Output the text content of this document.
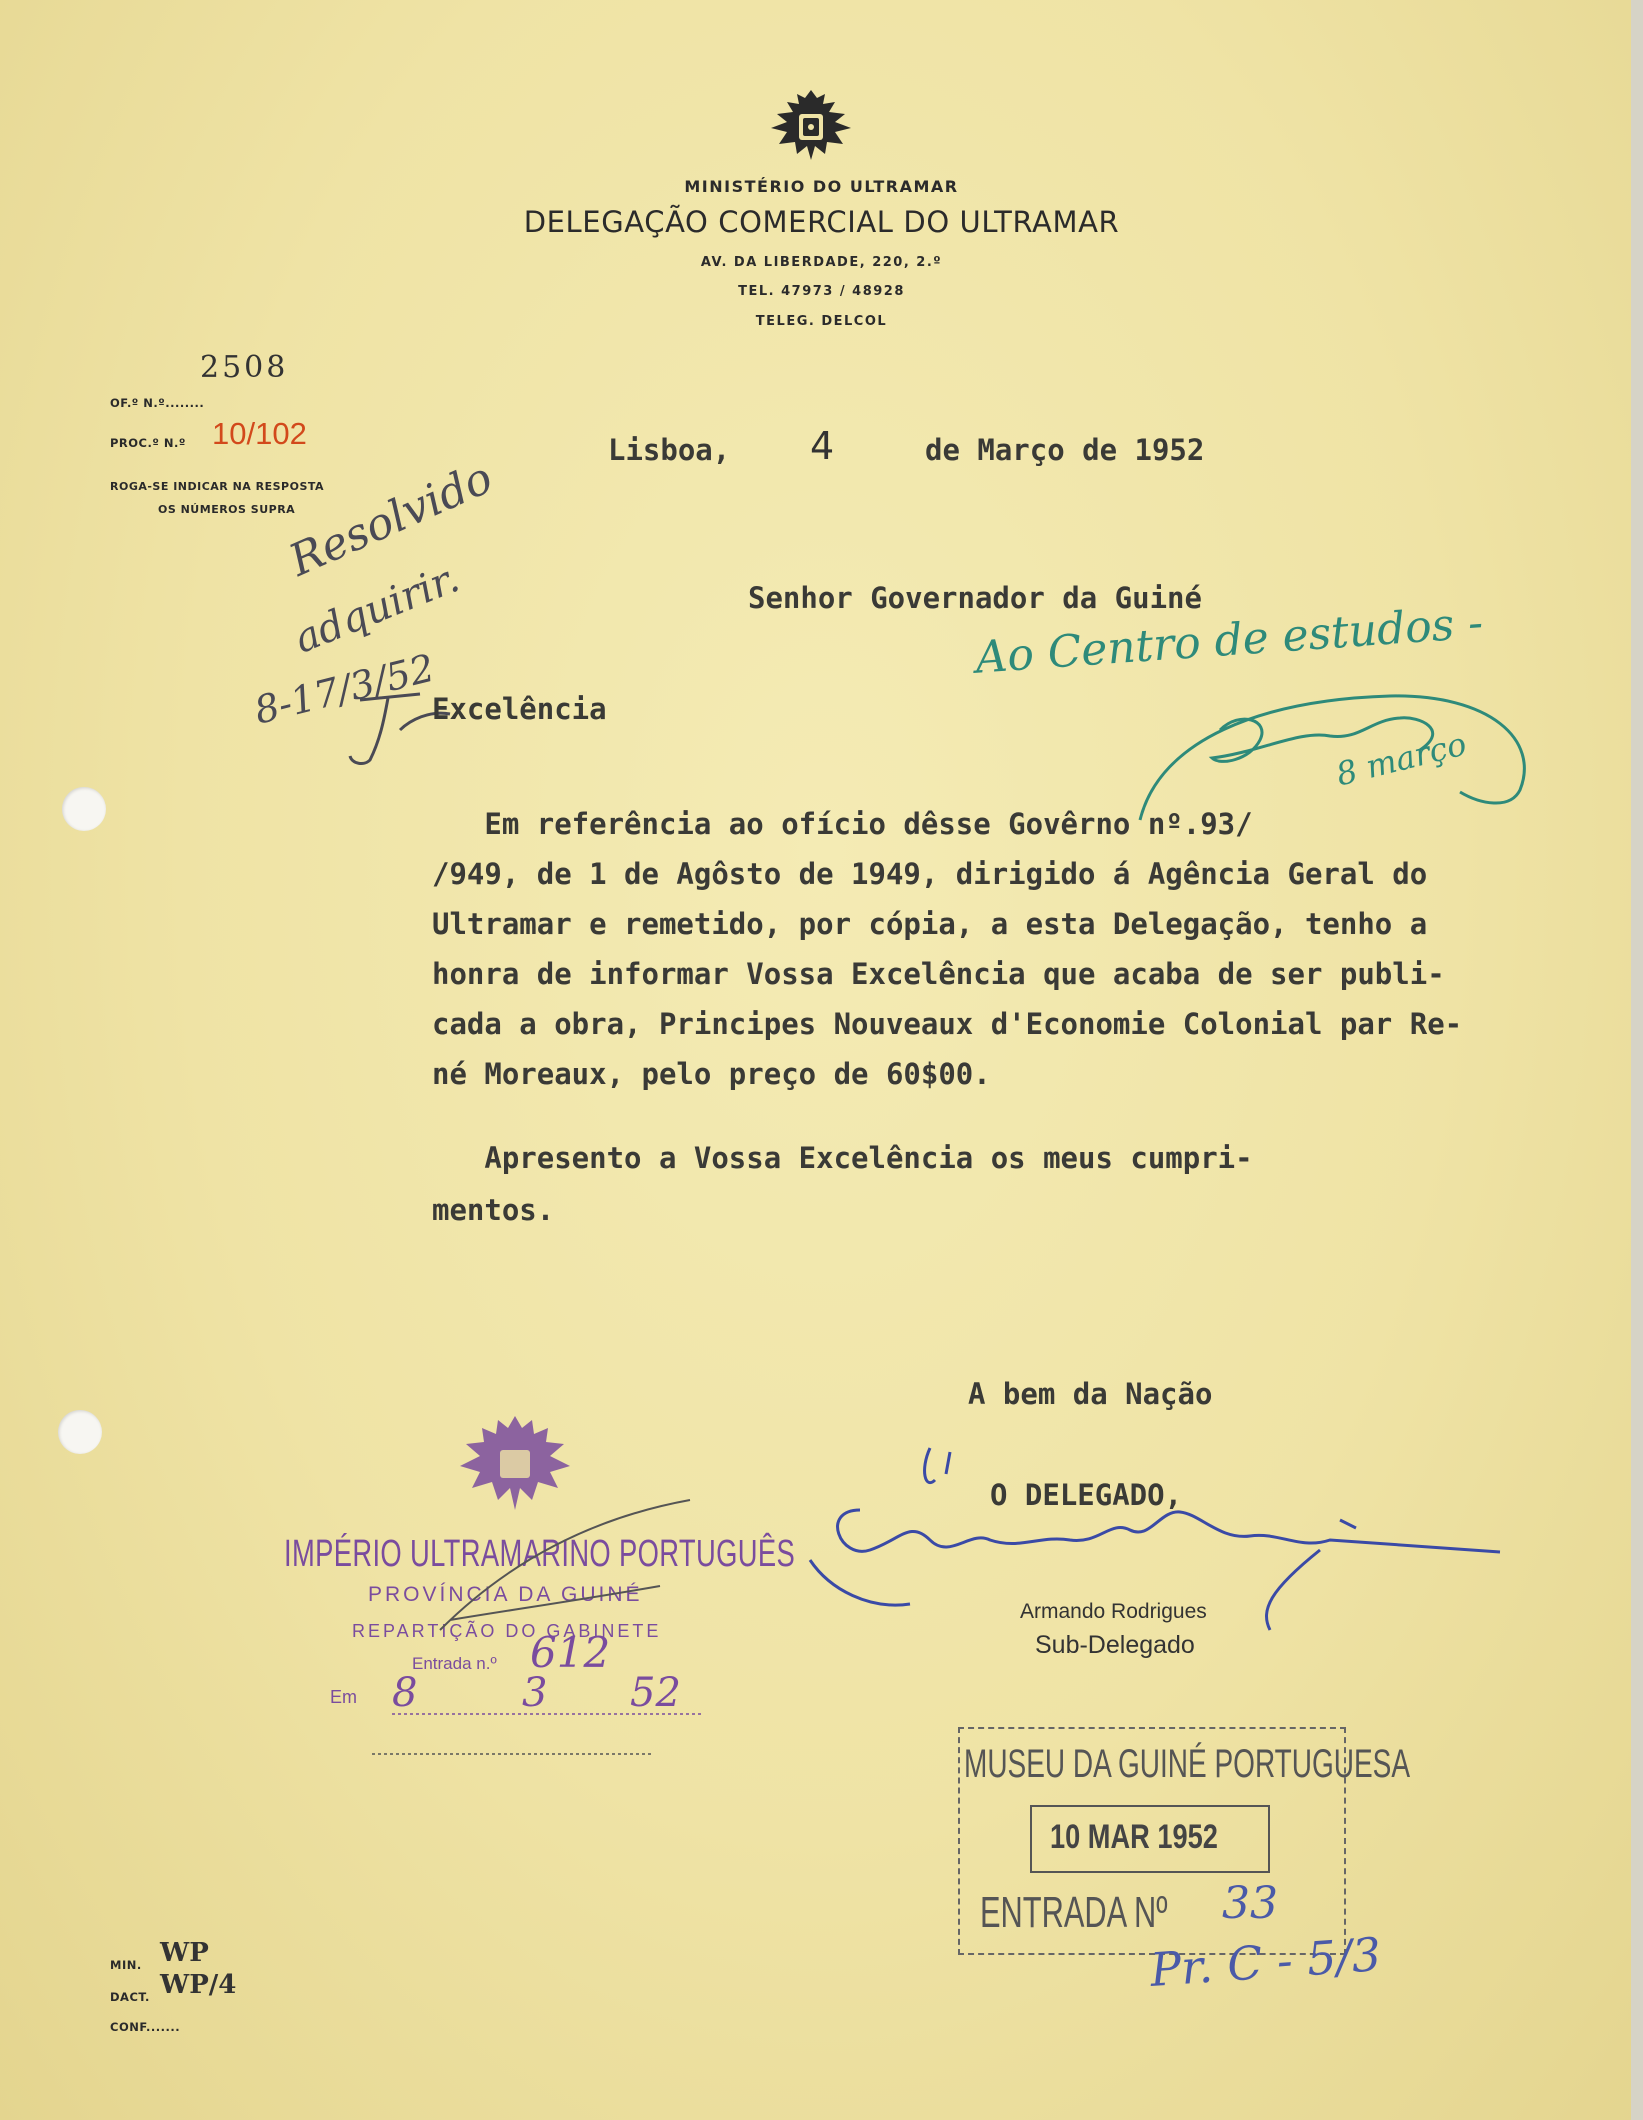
MINISTÉRIO DO ULTRAMAR
DELEGAÇÃO COMERCIAL DO ULTRAMAR
AV. DA LIBERDADE, 220, 2.º
TEL. 47973 / 48928
TELEG. DELCOL
2508
OF.º N.º........
PROC.º N.º 10/102
ROGA-SE INDICAR NA RESPOSTA
OS NÚMEROS SUPRA
Lisboa, 4	de Março de 1952
Resolvido
adquirir.
8-17/3/52
Senhor Governador da Guiné
Ao Centro de estudos -
8 março
Excelência
Em referência ao ofício dêsse Govêrno nº.93/
/949, de 1 de Agôsto de 1949, dirigido á Agência Geral do
Ultramar e remetido, por cópia, a esta Delegação, tenho a
honra de informar Vossa Excelência que acaba de ser publi-
cada a obra, Principes Nouveaux d'Economie Colonial par Re-
né Moreaux, pelo preço de 60$00.
Apresento a Vossa Excelência os meus cumpri-
mentos.
A bem da Nação
O DELEGADO,
Armando Rodrigues
Sub-Delegado
IMPÉRIO ULTRAMARINO PORTUGUÊS
PROVÍNCIA DA GUINÉ
REPARTIÇÃO DO GABINETE
Entrada n.º 612
Em 8	3 52
MUSEU DA GUINÉ PORTUGUESA
10 MAR 1952
ENTRADA Nº 33
Pr. C - 5/3
MIN. WP
DACT. WP/4
CONF.......
